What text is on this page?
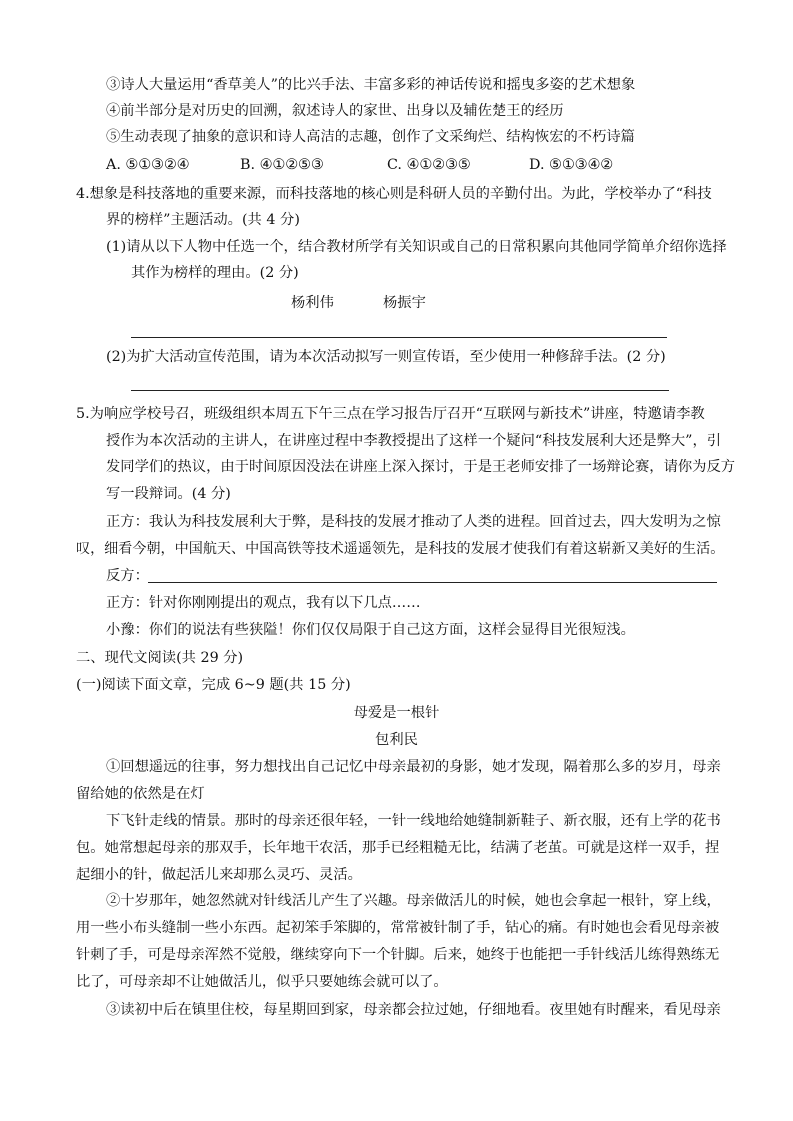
③诗人大量运用“香草美人”的比兴手法、丰富多彩的神话传说和摇曳多姿的艺术想象
④前半部分是对历史的回溯，叙述诗人的家世、出身以及辅佐楚王的经历
⑤生动表现了抽象的意识和诗人高洁的志趣，创作了文采绚烂、结构恢宏的不朽诗篇
A. ⑤①③②④	B. ④①②⑤③	C. ④①②③⑤	D. ⑤①③④②
4.想象是科技落地的重要来源，而科技落地的核心则是科研人员的辛勤付出。为此，学校举办了“科技
界的榜样”主题活动。(共 4 分)
(1)请从以下人物中任选一个，结合教材所学有关知识或自己的日常积累向其他同学简单介绍你选择
其作为榜样的理由。(2 分)
杨利伟	杨振宇
(2)为扩大活动宣传范围，请为本次活动拟写一则宣传语，至少使用一种修辞手法。(2 分)
5.为响应学校号召，班级组织本周五下午三点在学习报告厅召开“互联网与新技术”讲座，特邀请李教
授作为本次活动的主讲人，在讲座过程中李教授提出了这样一个疑问“科技发展利大还是弊大”，引
发同学们的热议，由于时间原因没法在讲座上深入探讨，于是王老师安排了一场辩论赛，请你为反方
写一段辩词。(4 分)
正方：我认为科技发展利大于弊，是科技的发展才推动了人类的进程。回首过去，四大发明为之惊
叹，细看今朝，中国航天、中国高铁等技术遥遥领先，是科技的发展才使我们有着这崭新又美好的生活。
反方：
正方：针对你刚刚提出的观点，我有以下几点……
小豫：你们的说法有些狭隘！你们仅仅局限于自己这方面，这样会显得目光很短浅。
二、现代文阅读(共 29 分)
(一)阅读下面文章，完成 6~9 题(共 15 分)
母爱是一根针
包利民
①回想遥远的往事，努力想找出自己记忆中母亲最初的身影，她才发现，隔着那么多的岁月，母亲
留给她的依然是在灯
下飞针走线的情景。那时的母亲还很年轻，一针一线地给她缝制新鞋子、新衣服，还有上学的花书
包。她常想起母亲的那双手，长年地干农活，那手已经粗糙无比，结满了老茧。可就是这样一双手，捏
起细小的针，做起活儿来却那么灵巧、灵活。
②十岁那年，她忽然就对针线活儿产生了兴趣。母亲做活儿的时候，她也会拿起一根针，穿上线，
用一些小布头缝制一些小东西。起初笨手笨脚的，常常被针制了手，钻心的痛。有时她也会看见母亲被
针刺了手，可是母亲浑然不觉般，继续穿向下一个针脚。后来，她终于也能把一手针线活儿练得熟练无
比了，可母亲却不让她做活儿，似乎只要她练会就可以了。
③读初中后在镇里住校，每星期回到家，母亲都会拉过她，仔细地看。夜里她有时醒来，看见母亲
